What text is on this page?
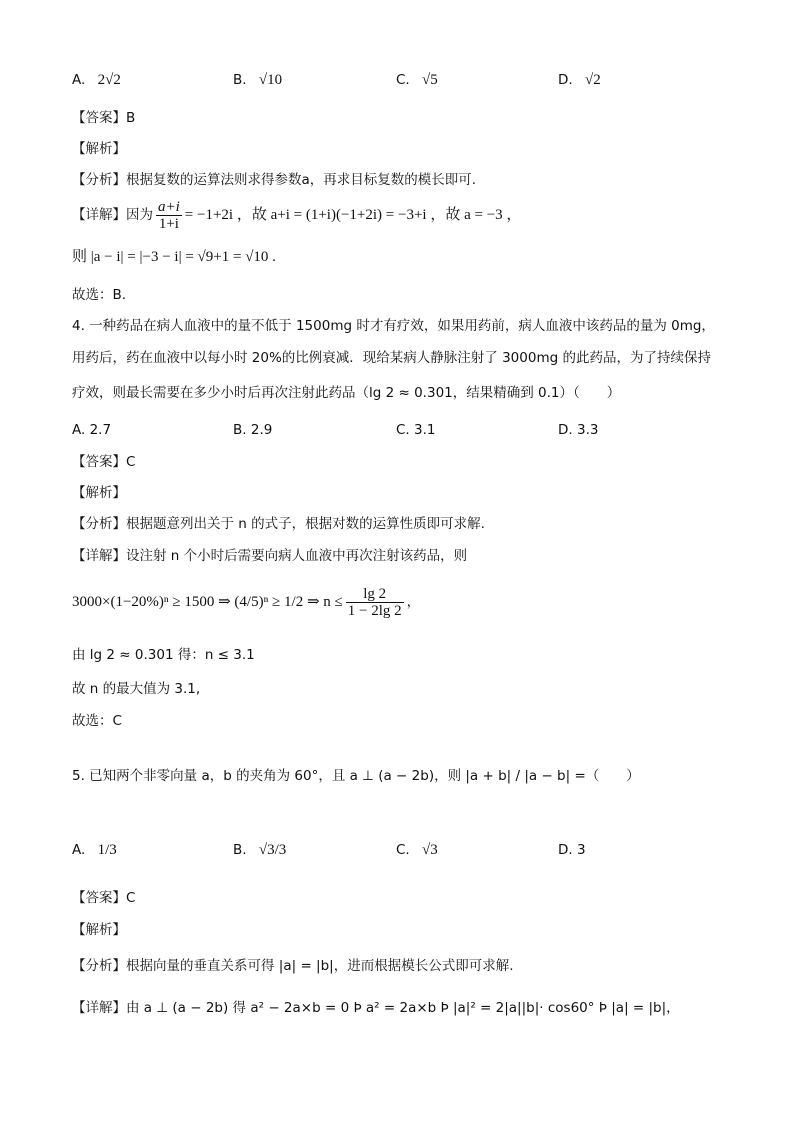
A. 2√2	B. √10	C. √5	D. √2
【答案】B
【解析】
【分析】根据复数的运算法则求得参数a，再求目标复数的模长即可.
【详解】因为 $\frac{a+i}{1+i} = -1+2i$ ，故 a+i = (1+i)(−1+2i) = −3+i ，故 a = −3 ，
则 |a − i| = |−3 − i| = √9+1 = √10 .
故选：B.
4. 一种药品在病人血液中的量不低于 1500mg 时才有疗效，如果用药前，病人血液中该药品的量为 0mg，
用药后，药在血液中以每小时 20%的比例衰减．现给某病人静脉注射了 3000mg 的此药品，为了持续保持
疗效，则最长需要在多少小时后再次注射此药品（lg 2 ≈ 0.301，结果精确到 0.1）（　　）
A. 2.7	B. 2.9	C. 3.1	D. 3.3
【答案】C
【解析】
【分析】根据题意列出关于 n 的式子，根据对数的运算性质即可求解.
【详解】设注射 n 个小时后需要向病人血液中再次注射该药品，则
3000×(1−20%)ⁿ ≥ 1500 ⇒ (4/5)ⁿ ≥ 1/2 ⇒ $n \le \frac{\lg 2}{1 - 2\lg 2}$ ，
由 lg 2 ≈ 0.301 得：n ≤ 3.1
故 n 的最大值为 3.1,
故选：C
5. 已知两个非零向量 a，b 的夹角为 60°，且 a ⊥ (a − 2b)，则 |a + b| / |a − b| =（　　）
A. 1/3	B. √3/3	C. √3	D. 3
【答案】C
【解析】
【分析】根据向量的垂直关系可得 |a| = |b|，进而根据模长公式即可求解.
【详解】由 a ⊥ (a − 2b) 得 a² − 2a×b = 0 Þ a² = 2a×b Þ |a|² = 2|a||b|· cos60° Þ |a| = |b|，
